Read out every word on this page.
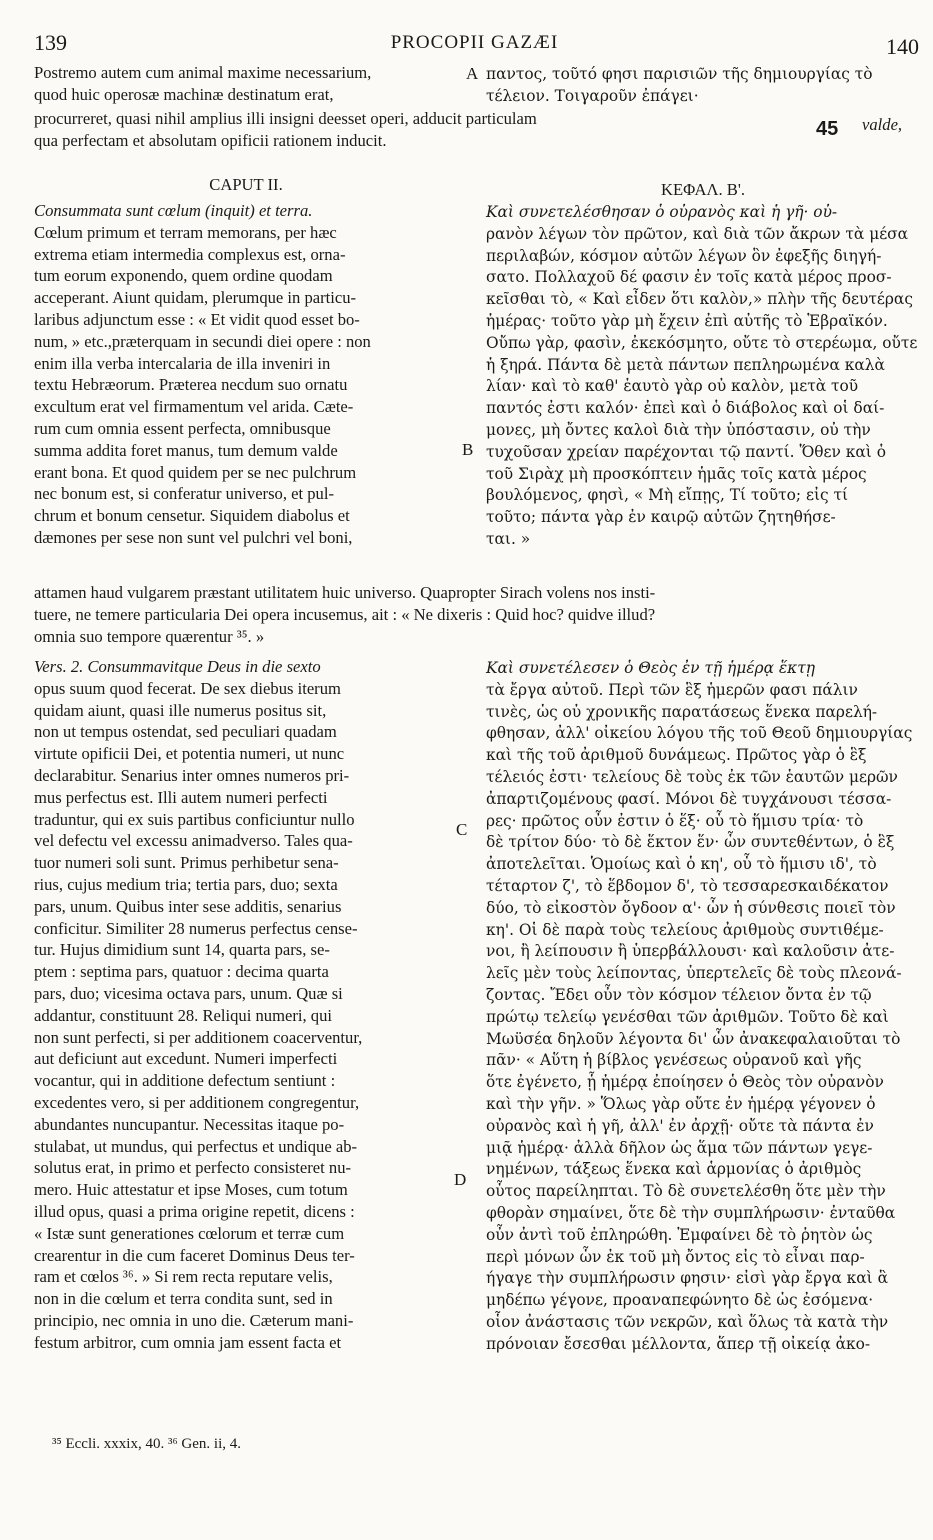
139	PROCOPII GAZÆI	140

Postremo autem cum animal maxime necessarium,

quod huic operosæ machinæ destinatum erat,

A παντος, τοῦτό φησι παρισιῶν τῆς δημιουργίας τὸ

τέλειον. Τοιγαροῦν ἐπάγει·

procurreret, quasi nihil amplius illi insigni deesset operi, adducit particulam	45 valde,

qua perfectam et absolutam opificii rationem inducit.

CAPUT II.	ΚΕΦΑΛ. Β'.

Consummata sunt cœlum (inquit) et terra.

Cœlum primum et terram memorans, per hæc

extrema etiam intermedia complexus est, orna-

tum eorum exponendo, quem ordine quodam

acceperant. Aiunt quidam, plerumque in particu-

laribus adjunctum esse : « Et vidit quod esset bo-

num, » etc.,præterquam in secundi diei opere : non

enim illa verba intercalaria de illa inveniri in

textu Hebræorum. Præterea necdum suo ornatu

excultum erat vel firmamentum vel arida. Cæte-

rum cum omnia essent perfecta, omnibusque

summa addita foret manus, tum demum valde

erant bona. Et quod quidem per se nec pulchrum

nec bonum est, si conferatur universo, et pul-

chrum et bonum censetur. Siquidem diabolus et

dæmones per sese non sunt vel pulchri vel boni,

B

Καὶ συνετελέσθησαν ὁ οὐρανὸς καὶ ἡ γῆ· οὐ-

ρανὸν λέγων τὸν πρῶτον, καὶ διὰ τῶν ἄκρων τὰ μέσα

περιλαβών, κόσμον αὐτῶν λέγων ὃν ἐφεξῆς διηγή-

σατο. Πολλαχοῦ δέ φασιν ἐν τοῖς κατὰ μέρος προσ-

κεῖσθαι τὸ, « Καὶ εἶδεν ὅτι καλὸν,» πλὴν τῆς δευτέρας

ἡμέρας· τοῦτο γὰρ μὴ ἔχειν ἐπὶ αὐτῆς τὸ Ἑβραϊκόν.

Οὔπω γὰρ, φασὶν, ἐκεκόσμητο, οὔτε τὸ στερέωμα, οὔτε

ἡ ξηρά. Πάντα δὲ μετὰ πάντων πεπληρωμένα καλὰ

λίαν· καὶ τὸ καθ' ἑαυτὸ γὰρ οὐ καλὸν, μετὰ τοῦ

παντός ἐστι καλόν· ἐπεὶ καὶ ὁ διάβολος καὶ οἱ δαί-

μονες, μὴ ὄντες καλοὶ διὰ τὴν ὑπόστασιν, οὐ τὴν

τυχοῦσαν χρείαν παρέχονται τῷ παντί. Ὅθεν καὶ ὁ

τοῦ Σιρὰχ μὴ προσκόπτειν ἡμᾶς τοῖς κατὰ μέρος

βουλόμενος, φησὶ, « Μὴ εἴπῃς, Τί τοῦτο; εἰς τί

τοῦτο; πάντα γὰρ ἐν καιρῷ αὐτῶν ζητηθήσε-

ται. »

attamen haud vulgarem præstant utilitatem huic universo. Quapropter Sirach volens nos insti-

tuere, ne temere particularia Dei opera incusemus, ait : « Ne dixeris : Quid hoc? quidve illud?

omnia suo tempore quærentur ³⁵. »

Vers. 2. Consummavitque Deus in die sexto

opus suum quod fecerat. De sex diebus iterum

quidam aiunt, quasi ille numerus positus sit,

non ut tempus ostendat, sed peculiari quadam

virtute opificii Dei, et potentia numeri, ut nunc

declarabitur. Senarius inter omnes numeros pri-

mus perfectus est. Illi autem numeri perfecti

traduntur, qui ex suis partibus conficiuntur nullo

vel defectu vel excessu animadverso. Tales qua-

tuor numeri soli sunt. Primus perhibetur sena-

rius, cujus medium tria; tertia pars, duo; sexta

pars, unum. Quibus inter sese additis, senarius

conficitur. Similiter 28 numerus perfectus cense-

tur. Hujus dimidium sunt 14, quarta pars, se-

ptem : septima pars, quatuor : decima quarta

pars, duo; vicesima octava pars, unum. Quæ si

addantur, constituunt 28. Reliqui numeri, qui

non sunt perfecti, si per additionem coacerventur,

aut deficiunt aut excedunt. Numeri imperfecti

vocantur, qui in additione defectum sentiunt :

excedentes vero, si per additionem congregentur,

abundantes nuncupantur. Necessitas itaque po-

stulabat, ut mundus, qui perfectus et undique ab-

solutus erat, in primo et perfecto consisteret nu-

mero. Huic attestatur et ipse Moses, cum totum

illud opus, quasi a prima origine repetit, dicens :

« Istæ sunt generationes cœlorum et terræ cum

crearentur in die cum faceret Dominus Deus ter-

ram et cœlos ³⁶. » Si rem recta reputare velis,

non in die cœlum et terra condita sunt, sed in

principio, nec omnia in uno die. Cæterum mani-

festum arbitror, cum omnia jam essent facta et

C
D

Καὶ συνετέλεσεν ὁ Θεὸς ἐν τῇ ἡμέρᾳ ἕκτῃ

τὰ ἔργα αὐτοῦ. Περὶ τῶν ἓξ ἡμερῶν φασι πάλιν

τινὲς, ὡς οὐ χρονικῆς παρατάσεως ἕνεκα παρελή-

φθησαν, ἀλλ' οἰκείου λόγου τῆς τοῦ Θεοῦ δημιουργίας

καὶ τῆς τοῦ ἀριθμοῦ δυνάμεως. Πρῶτος γὰρ ὁ ἓξ

τέλειός ἐστι· τελείους δὲ τοὺς ἐκ τῶν ἑαυτῶν μερῶν

ἀπαρτιζομένους φασί. Μόνοι δὲ τυγχάνουσι τέσσα-

ρες· πρῶτος οὖν ἐστιν ὁ ἕξ· οὗ τὸ ἥμισυ τρία· τὸ

δὲ τρίτον δύο· τὸ δὲ ἕκτον ἕν· ὧν συντεθέντων, ὁ ἓξ

ἀποτελεῖται. Ὁμοίως καὶ ὁ κη', οὗ τὸ ἥμισυ ιδ', τὸ

τέταρτον ζ', τὸ ἕβδομον δ', τὸ τεσσαρεσκαιδέκατον

δύο, τὸ εἰκοστὸν ὄγδοον α'· ὧν ἡ σύνθεσις ποιεῖ τὸν

κη'. Οἱ δὲ παρὰ τοὺς τελείους ἀριθμοὺς συντιθέμε-

νοι, ἢ λείπουσιν ἢ ὑπερβάλλουσι· καὶ καλοῦσιν ἀτε-

λεῖς μὲν τοὺς λείποντας, ὑπερτελεῖς δὲ τοὺς πλεονά-

ζοντας. Ἔδει οὖν τὸν κόσμον τέλειον ὄντα ἐν τῷ

πρώτῳ τελείῳ γενέσθαι τῶν ἀριθμῶν. Τοῦτο δὲ καὶ

Μωϋσέα δηλοῦν λέγοντα δι' ὧν ἀνακεφαλαιοῦται τὸ

πᾶν· « Αὕτη ἡ βίβλος γενέσεως οὐρανοῦ καὶ γῆς

ὅτε ἐγένετο, ᾗ ἡμέρᾳ ἐποίησεν ὁ Θεὸς τὸν οὐρανὸν

καὶ τὴν γῆν. » Ὅλως γὰρ οὔτε ἐν ἡμέρᾳ γέγονεν ὁ

οὐρανὸς καὶ ἡ γῆ, ἀλλ' ἐν ἀρχῇ· οὔτε τὰ πάντα ἐν

μιᾷ ἡμέρᾳ· ἀλλὰ δῆλον ὡς ἅμα τῶν πάντων γεγε-

νημένων, τάξεως ἕνεκα καὶ ἁρμονίας ὁ ἀριθμὸς

οὗτος παρείληπται. Τὸ δὲ συνετελέσθη ὅτε μὲν τὴν

φθορὰν σημαίνει, ὅτε δὲ τὴν συμπλήρωσιν· ἐνταῦθα

οὖν ἀντὶ τοῦ ἐπληρώθη. Ἐμφαίνει δὲ τὸ ῥητὸν ὡς

περὶ μόνων ὧν ἐκ τοῦ μὴ ὄντος εἰς τὸ εἶναι παρ-

ήγαγε τὴν συμπλήρωσιν φησιν· εἰσὶ γὰρ ἔργα καὶ ἃ

μηδέπω γέγονε, προαναπεφώνητο δὲ ὡς ἐσόμενα·

οἷον ἀνάστασις τῶν νεκρῶν, καὶ ὅλως τὰ κατὰ τὴν

πρόνοιαν ἔσεσθαι μέλλοντα, ἅπερ τῇ οἰκείᾳ ἀκο-

³⁵ Eccli. xxxix, 40. ³⁶ Gen. ii, 4.
